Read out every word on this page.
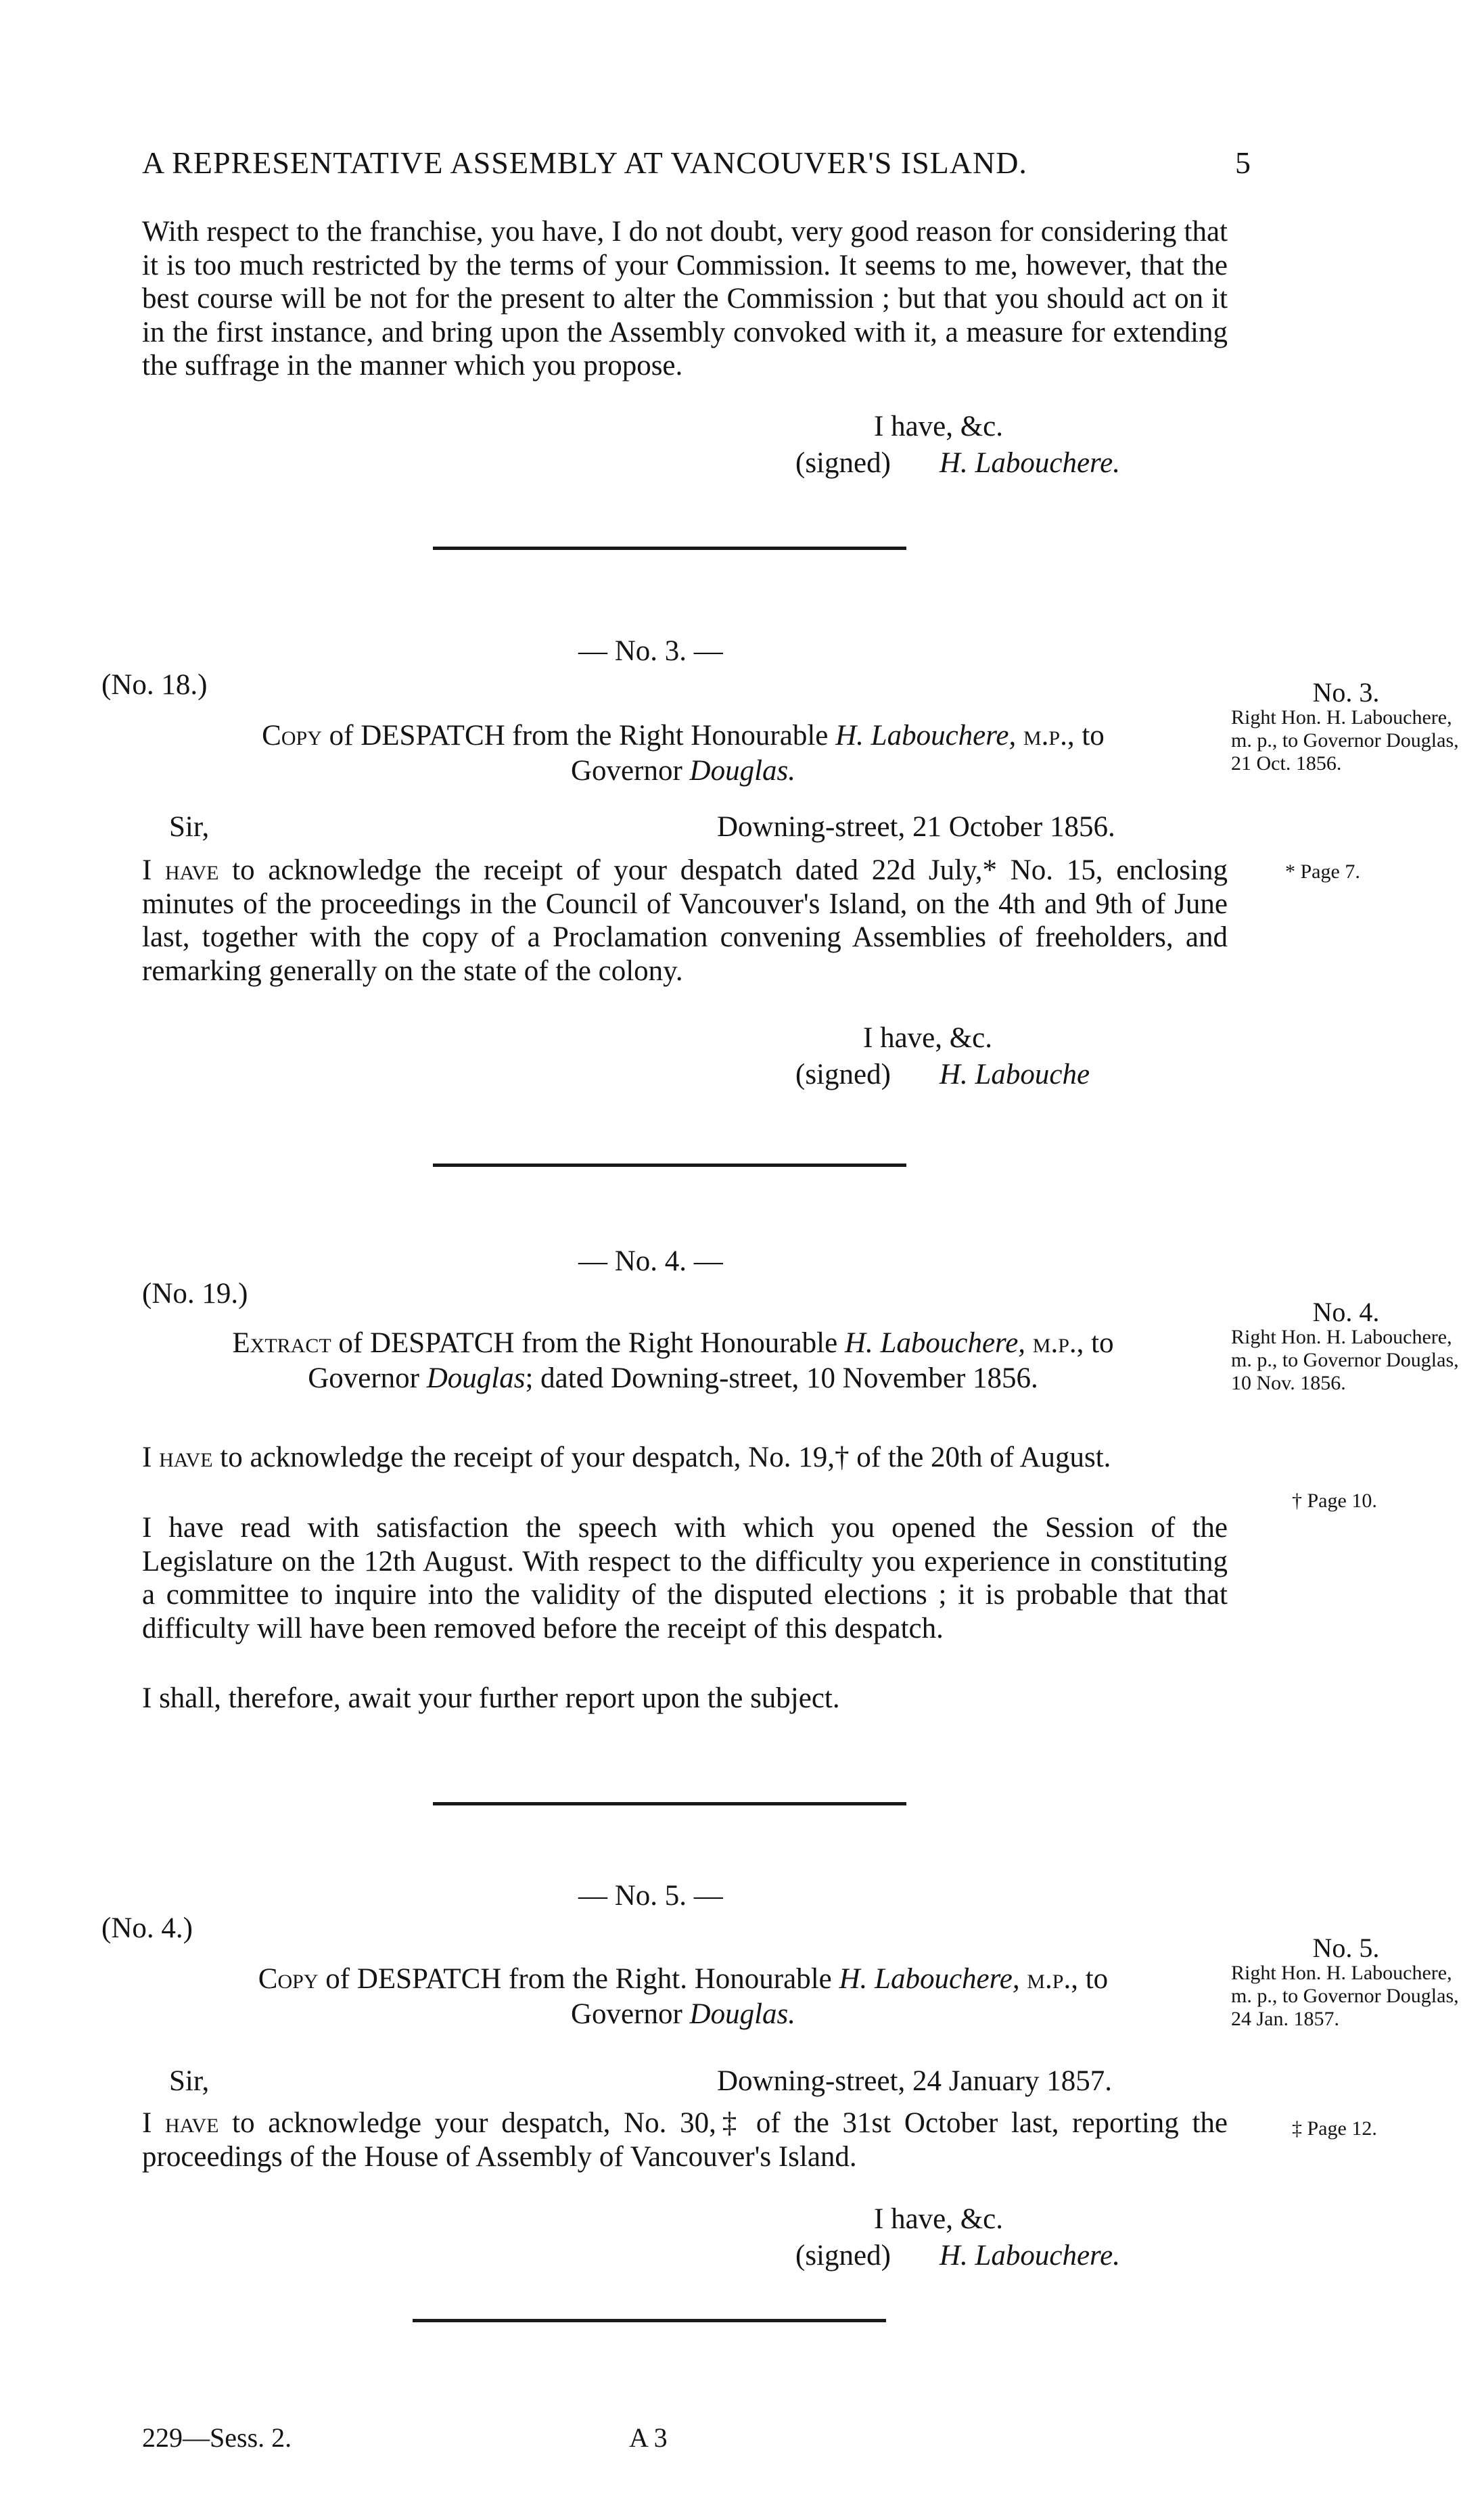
A REPRESENTATIVE ASSEMBLY AT VANCOUVER'S ISLAND.	5
With respect to the franchise, you have, I do not doubt, very good reason for considering that it is too much restricted by the terms of your Commission. It seems to me, however, that the best course will be not for the present to alter the Commission ; but that you should act on it in the first instance, and bring upon the Assembly convoked with it, a measure for extending the suffrage in the manner which you propose.
I have, &c.
(signed) H. Labouchere.
— No. 3. —
(No. 18.)
Copy of DESPATCH from the Right Honourable H. Labouchere, m.p., to
Governor Douglas.
Sir,	Downing-street, 21 October 1856.
I have to acknowledge the receipt of your despatch dated 22d July,* No. 15, enclosing minutes of the proceedings in the Council of Vancouver's Island, on the 4th and 9th of June last, together with the copy of a Proclamation convening Assemblies of freeholders, and remarking generally on the state of the colony.
I have, &c.
(signed) H. Labouche
No. 3.
Right Hon. H. Labouchere, m. p., to Governor Douglas, 21 Oct. 1856.
* Page 7.
— No. 4. —
(No. 19.)
Extract of DESPATCH from the Right Honourable H. Labouchere, m.p., to
Governor Douglas; dated Downing-street, 10 November 1856.
I have to acknowledge the receipt of your despatch, No. 19,† of the 20th of August.
I have read with satisfaction the speech with which you opened the Session of the Legislature on the 12th August. With respect to the difficulty you experience in constituting a committee to inquire into the validity of the disputed elections ; it is probable that that difficulty will have been removed before the receipt of this despatch.
I shall, therefore, await your further report upon the subject.
No. 4.
Right Hon. H. Labouchere, m. p., to Governor Douglas, 10 Nov. 1856.
† Page 10.
— No. 5. —
(No. 4.)
Copy of DESPATCH from the Right. Honourable H. Labouchere, m.p., to
Governor Douglas.
Sir,	Downing-street, 24 January 1857.
I have to acknowledge your despatch, No. 30,‡ of the 31st October last, reporting the proceedings of the House of Assembly of Vancouver's Island.
I have, &c.
(signed) H. Labouchere.
No. 5.
Right Hon. H. Labouchere, m. p., to Governor Douglas, 24 Jan. 1857.
‡ Page 12.
229—Sess. 2.	A 3
